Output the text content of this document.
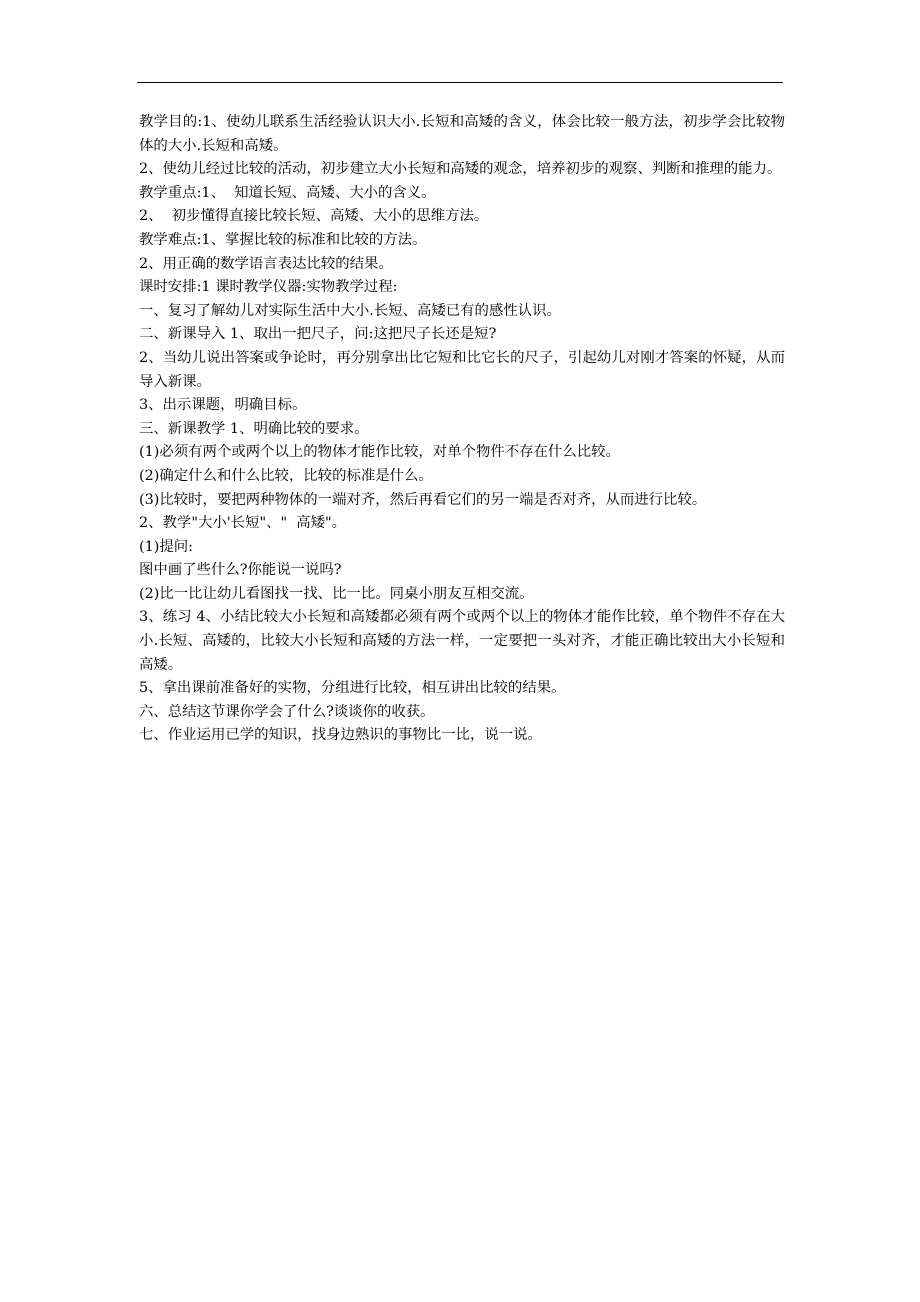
教学目的:1、使幼儿联系生活经验认识大小.长短和高矮的含义，体会比较一般方法，初步学会比较物体的大小.长短和高矮。

2、使幼儿经过比较的活动，初步建立大小长短和高矮的观念，培养初步的观察、判断和推理的能力。

教学重点:1、  知道长短、高矮、大小的含义。

2、  初步懂得直接比较长短、高矮、大小的思维方法。

教学难点:1、掌握比较的标准和比较的方法。

2、用正确的数学语言表达比较的结果。

课时安排:1 课时教学仪器:实物教学过程:

一、复习了解幼儿对实际生活中大小.长短、高矮已有的感性认识。

二、新课导入 1、取出一把尺子，问:这把尺子长还是短?

2、当幼儿说出答案或争论时，再分别拿出比它短和比它长的尺子，引起幼儿对刚才答案的怀疑，从而导入新课。

3、出示课题，明确目标。

三、新课教学 1、明确比较的要求。

(1)必须有两个或两个以上的物体才能作比较，对单个物件不存在什么比较。

(2)确定什么和什么比较，比较的标准是什么。

(3)比较时，要把两种物体的一端对齐，然后再看它们的另一端是否对齐，从而进行比较。

2、教学"大小'长短"、"  高矮"。

(1)提问:

图中画了些什么?你能说一说吗?

(2)比一比让幼儿看图找一找、比一比。同桌小朋友互相交流。

3、练习 4、小结比较大小长短和高矮都必须有两个或两个以上的物体才能作比较，单个物件不存在大小.长短、高矮的，比较大小长短和高矮的方法一样，一定要把一头对齐，才能正确比较出大小长短和高矮。

5、拿出课前准备好的实物，分组进行比较，相互讲出比较的结果。

六、总结这节课你学会了什么?谈谈你的收获。

七、作业运用已学的知识，找身边熟识的事物比一比，说一说。
